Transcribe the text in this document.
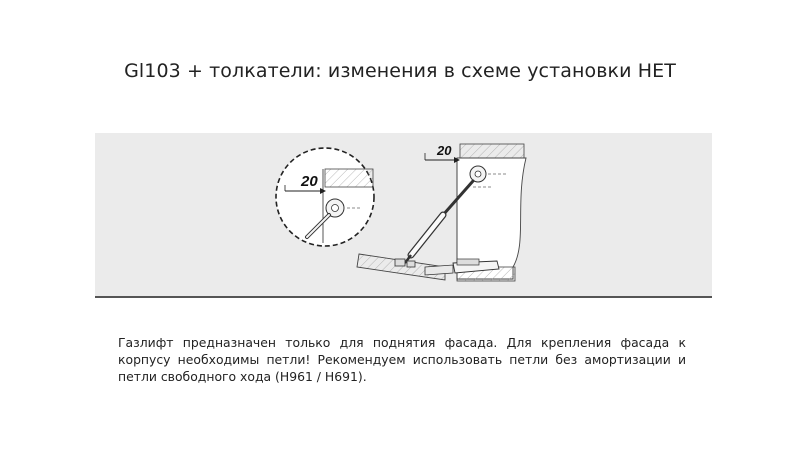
Gl103 + толкатели: изменения в схеме установки НЕТ
20
20
Газлифт предназначен только для поднятия фасада. Для крепления фасада к корпусу необходимы петли! Рекомендуем использовать петли без амортизации и петли свободного хода (H961 / H691).
